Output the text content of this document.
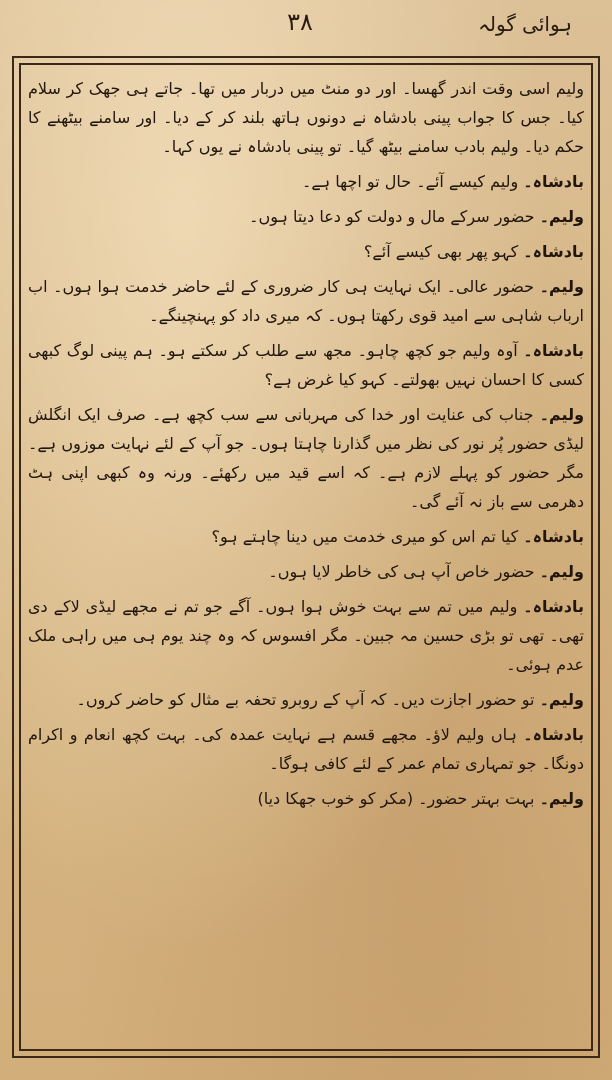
۳۸	ہوائی گولہ

ولیم اسی وقت اندر گھسا۔ اور دو منٹ میں دربار میں تھا۔ جاتے ہی جھک کر سلام کیا۔ جس کا جواب پینی بادشاہ نے دونوں ہاتھ بلند کر کے دیا۔ اور سامنے بیٹھنے کا حکم دیا۔ ولیم بادب سامنے بیٹھ گیا۔ تو پینی بادشاہ نے یوں کہا۔

بادشاہ۔ ولیم کیسے آئے۔ حال تو اچھا ہے۔

ولیم۔ حضور سرکے مال و دولت کو دعا دیتا ہوں۔

بادشاہ۔ کہو پھر بھی کیسے آئے؟

ولیم۔ حضور عالی۔ ایک نہایت ہی کار ضروری کے لئے حاضر خدمت ہوا ہوں۔ اب ارباب شاہی سے امید قوی رکھتا ہوں۔ کہ میری داد کو پہنچینگے۔

بادشاہ۔ آوہ ولیم جو کچھ چاہو۔ مجھ سے طلب کر سکتے ہو۔ ہم پینی لوگ کبھی کسی کا احسان نہیں بھولتے۔ کہو کیا غرض ہے؟

ولیم۔ جناب کی عنایت اور خدا کی مہربانی سے سب کچھ ہے۔ صرف ایک انگلش لیڈی حضور پُر نور کی نظر میں گذارنا چاہتا ہوں۔ جو آپ کے لئے نہایت موزوں ہے۔ مگر حضور کو پہلے لازم ہے۔ کہ اسے قید میں رکھئے۔ ورنہ وہ کبھی اپنی ہٹ دھرمی سے باز نہ آئے گی۔

بادشاہ۔ کیا تم اس کو میری خدمت میں دینا چاہتے ہو؟

ولیم۔ حضور خاص آپ ہی کی خاطر لایا ہوں۔

بادشاہ۔ ولیم میں تم سے بہت خوش ہوا ہوں۔ آگے جو تم نے مجھے لیڈی لاکے دی تھی۔ تھی تو بڑی حسین مہ جبین۔ مگر افسوس کہ وہ چند یوم ہی میں راہی ملک عدم ہوئی۔

ولیم۔ تو حضور اجازت دیں۔ کہ آپ کے روبرو تحفہ بے مثال کو حاضر کروں۔

بادشاہ۔ ہاں ولیم لاؤ۔ مجھے قسم ہے نہایت عمدہ کی۔ بہت کچھ انعام و اکرام دونگا۔ جو تمہاری تمام عمر کے لئے کافی ہوگا۔

ولیم۔ بہت بہتر حضور۔ (مکر کو خوب جھکا دیا)
